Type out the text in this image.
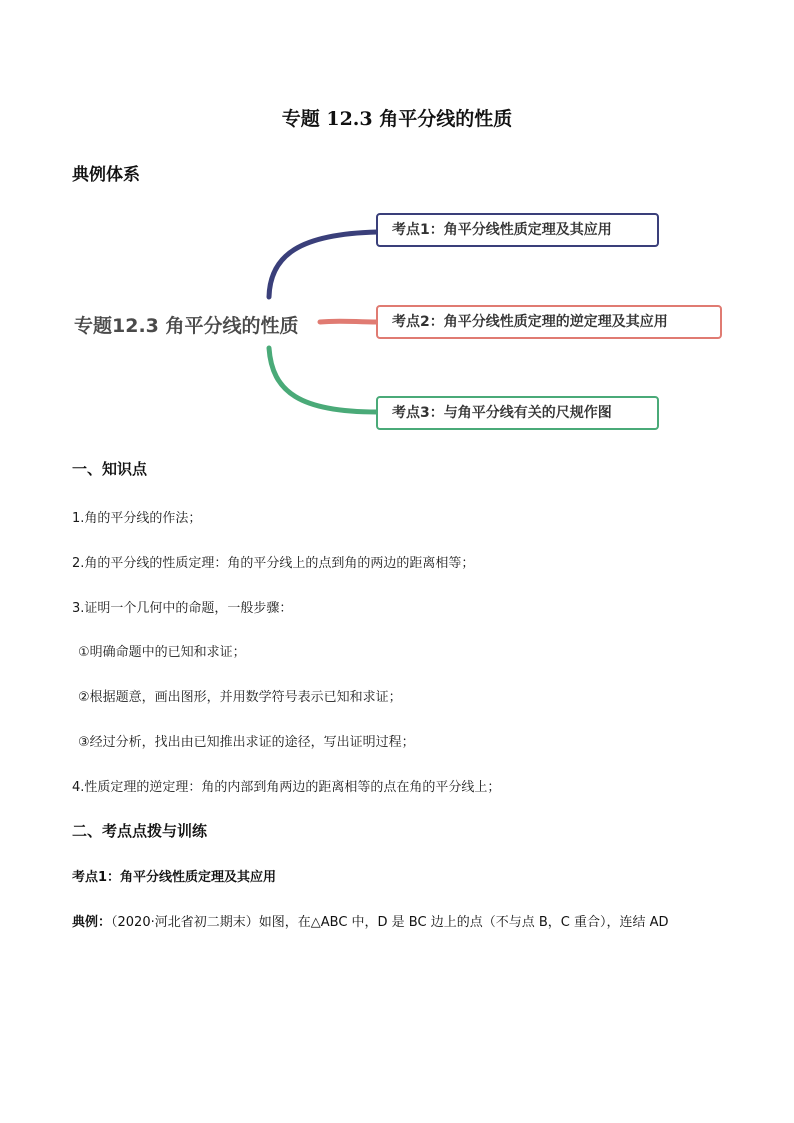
专题 12.3 角平分线的性质
典例体系
专题12.3 角平分线的性质
考点1：角平分线性质定理及其应用
考点2：角平分线性质定理的逆定理及其应用
考点3：与角平分线有关的尺规作图
一、知识点
1.角的平分线的作法；
2.角的平分线的性质定理：角的平分线上的点到角的两边的距离相等；
3.证明一个几何中的命题，一般步骤：
①明确命题中的已知和求证；
②根据题意，画出图形，并用数学符号表示已知和求证；
③经过分析，找出由已知推出求证的途径，写出证明过程；
4.性质定理的逆定理：角的内部到角两边的距离相等的点在角的平分线上；
二、考点点拨与训练
考点1：角平分线性质定理及其应用
典例：（2020·河北省初二期末）如图，在△ABC 中，D 是 BC 边上的点（不与点 B，C 重合），连结 AD
